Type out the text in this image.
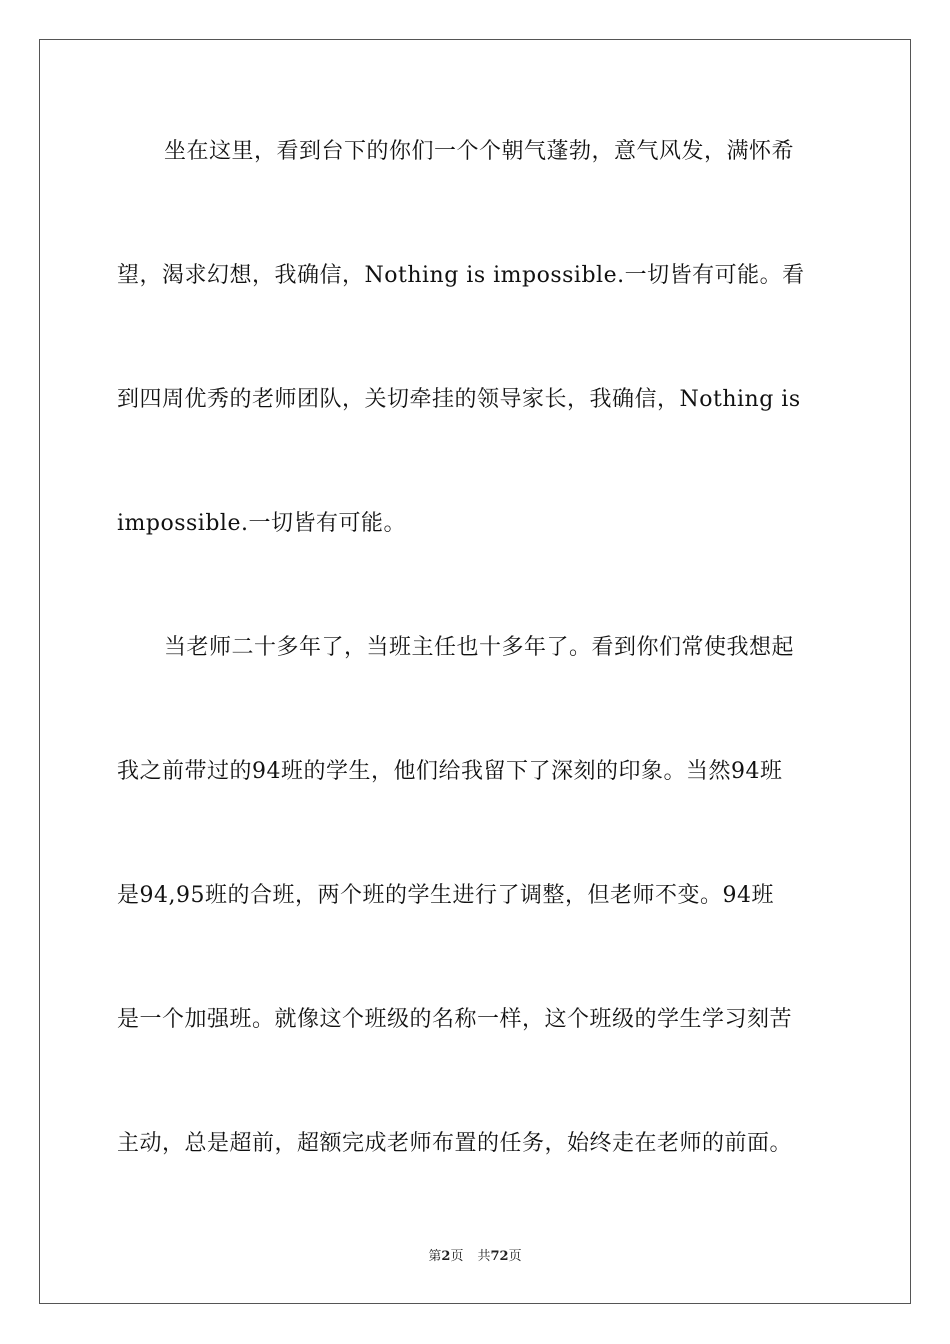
坐在这里，看到台下的你们一个个朝气蓬勃，意气风发，满怀希
望，渴求幻想，我确信，Nothing is impossible.一切皆有可能。看
到四周优秀的老师团队，关切牵挂的领导家长，我确信，Nothing is
impossible.一切皆有可能。
当老师二十多年了，当班主任也十多年了。看到你们常使我想起
我之前带过的94班的学生，他们给我留下了深刻的印象。当然94班
是94,95班的合班，两个班的学生进行了调整，但老师不变。94班
是一个加强班。就像这个班级的名称一样，这个班级的学生学习刻苦
主动，总是超前，超额完成老师布置的任务，始终走在老师的前面。
第2页 共72页
